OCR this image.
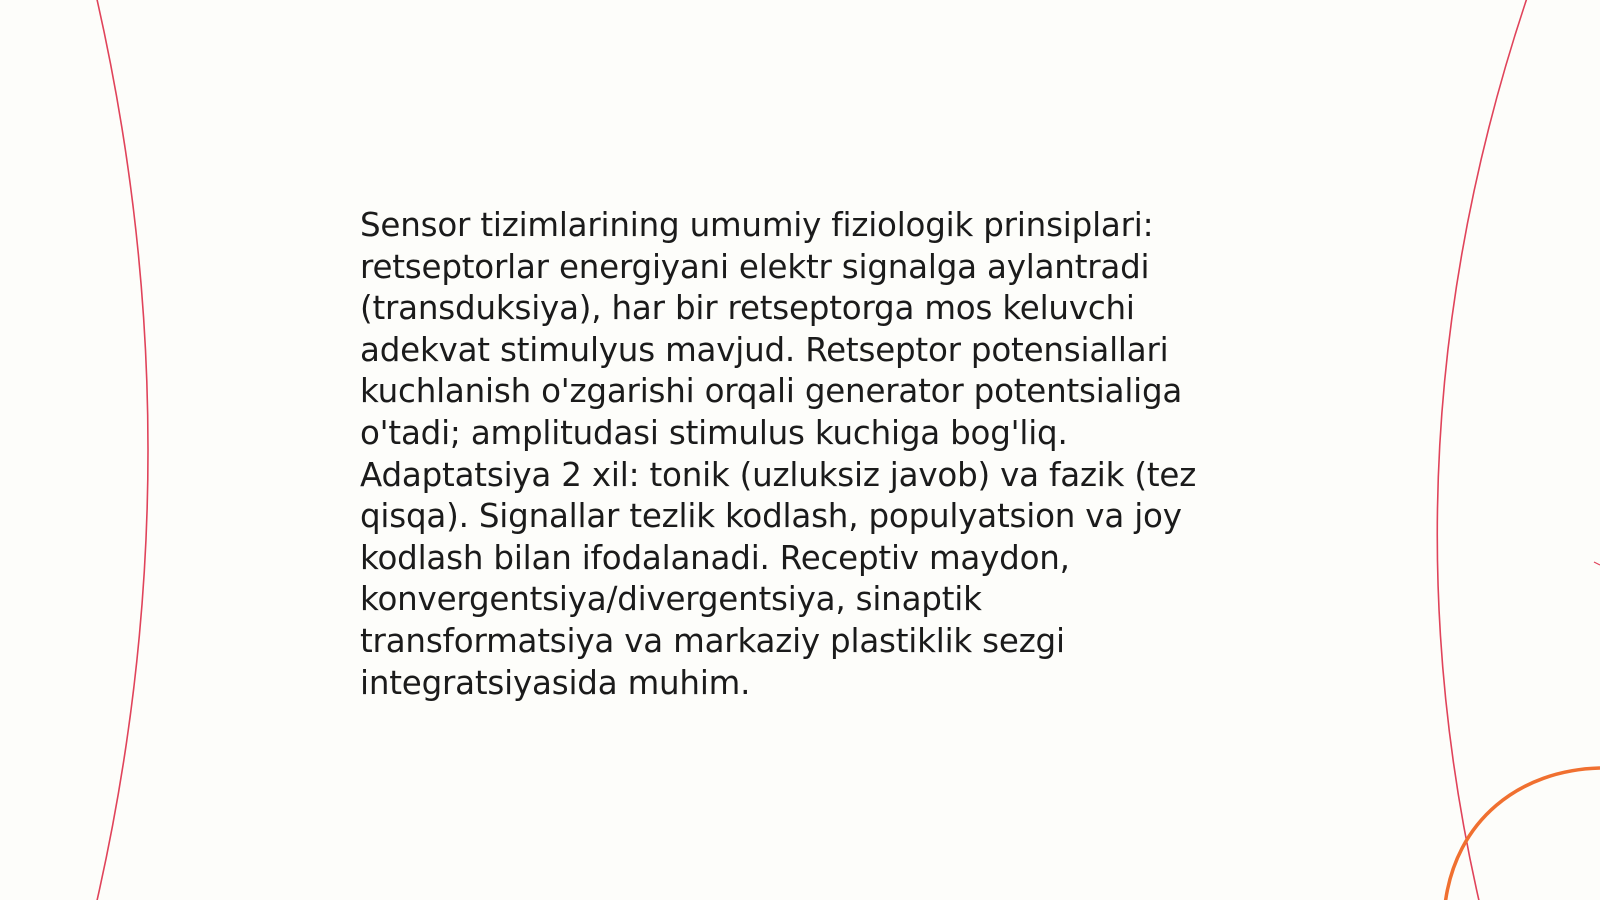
Sensor tizimlarining umumiy fiziologik prinsiplari:
retseptorlar energiyani elektr signalga aylantradi
(transduksiya), har bir retseptorga mos keluvchi
adekvat stimulyus mavjud. Retseptor potensiallari
kuchlanish o'zgarishi orqali generator potentsialiga
o'tadi; amplitudasi stimulus kuchiga bog'liq.
Adaptatsiya 2 xil: tonik (uzluksiz javob) va fazik (tez
qisqa). Signallar tezlik kodlash, populyatsion va joy
kodlash bilan ifodalanadi. Receptiv maydon,
konvergentsiya/divergentsiya, sinaptik
transformatsiya va markaziy plastiklik sezgi
integratsiyasida muhim.
